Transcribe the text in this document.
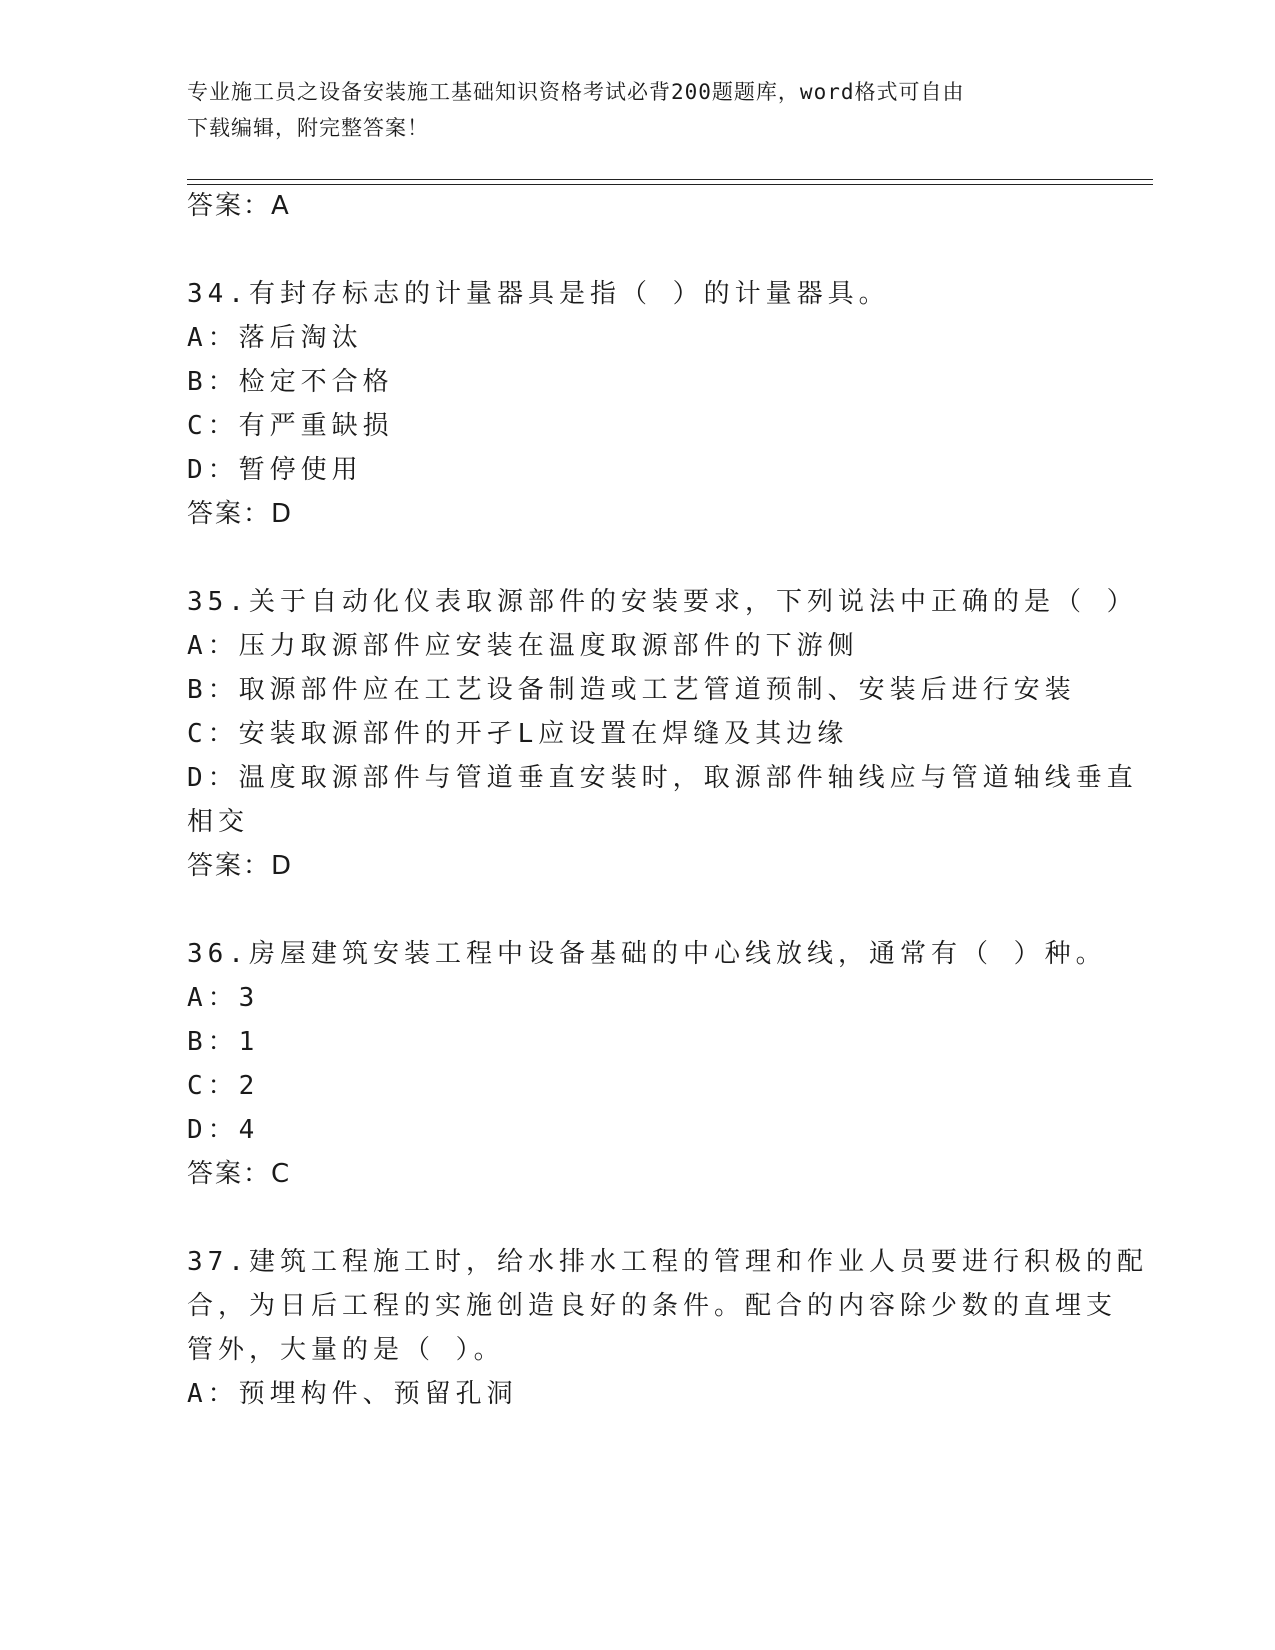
专业施工员之设备安装施工基础知识资格考试必背200题题库，word格式可自由
下载编辑，附完整答案！
答案：A
34.有封存标志的计量器具是指（ ）的计量器具。
A：落后淘汰
B：检定不合格
C：有严重缺损
D：暂停使用
答案：D
35.关于自动化仪表取源部件的安装要求，下列说法中正确的是（ ）
A：压力取源部件应安装在温度取源部件的下游侧
B：取源部件应在工艺设备制造或工艺管道预制、安装后进行安装
C：安装取源部件的开孑L应设置在焊缝及其边缘
D：温度取源部件与管道垂直安装时，取源部件轴线应与管道轴线垂直
相交
答案：D
36.房屋建筑安装工程中设备基础的中心线放线，通常有（ ）种。
A：3
B：1
C：2
D：4
答案：C
37.建筑工程施工时，给水排水工程的管理和作业人员要进行积极的配
合，为日后工程的实施创造良好的条件。配合的内容除少数的直埋支
管外，大量的是（ ）。
A：预埋构件、预留孔洞
